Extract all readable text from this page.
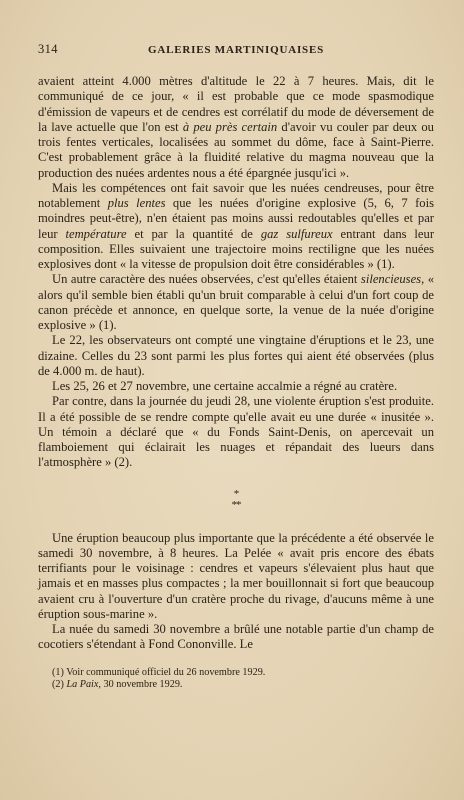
314	GALERIES MARTINIQUAISES

avaient atteint 4.000 mètres d'altitude le 22 à 7 heures. Mais, dit le communiqué de ce jour, « il est probable que ce mode spasmodique d'émission de vapeurs et de cendres est corrélatif du mode de déversement de la lave actuelle que l'on est à peu près certain d'avoir vu couler par deux ou trois fentes verticales, localisées au sommet du dôme, face à Saint-Pierre. C'est probablement grâce à la fluidité relative du magma nouveau que la production des nuées ardentes nous a été épargnée jusqu'ici ».

Mais les compétences ont fait savoir que les nuées cendreuses, pour être notablement plus lentes que les nuées d'origine explosive (5, 6, 7 fois moindres peut-être), n'en étaient pas moins aussi redoutables qu'elles et par leur température et par la quantité de gaz sulfureux entrant dans leur composition. Elles suivaient une trajectoire moins rectiligne que les nuées explosives dont « la vitesse de propulsion doit être considérables » (1).

Un autre caractère des nuées observées, c'est qu'elles étaient silencieuses, « alors qu'il semble bien établi qu'un bruit comparable à celui d'un fort coup de canon précède et annonce, en quelque sorte, la venue de la nuée d'origine explosive » (1).

Le 22, les observateurs ont compté une vingtaine d'éruptions et le 23, une dizaine. Celles du 23 sont parmi les plus fortes qui aient été observées (plus de 4.000 m. de haut).

Les 25, 26 et 27 novembre, une certaine accalmie a régné au cratère.

Par contre, dans la journée du jeudi 28, une violente éruption s'est produite. Il a été possible de se rendre compte qu'elle avait eu une durée « inusitée ». Un témoin a déclaré que « du Fonds Saint-Denis, on apercevait un flamboiement qui éclairait les nuages et répandait des lueurs dans l'atmosphère » (2).

*
**

Une éruption beaucoup plus importante que la précédente a été observée le samedi 30 novembre, à 8 heures. La Pelée « avait pris encore des ébats terrifiants pour le voisinage : cendres et vapeurs s'élevaient plus haut que jamais et en masses plus compactes ; la mer bouillonnait si fort que beaucoup avaient cru à l'ouverture d'un cratère proche du rivage, d'aucuns même à une éruption sous-marine ».

La nuée du samedi 30 novembre a brûlé une notable partie d'un champ de cocotiers s'étendant à Fond Cononville. Le

(1) Voir communiqué officiel du 26 novembre 1929.
(2) La Paix, 30 novembre 1929.
